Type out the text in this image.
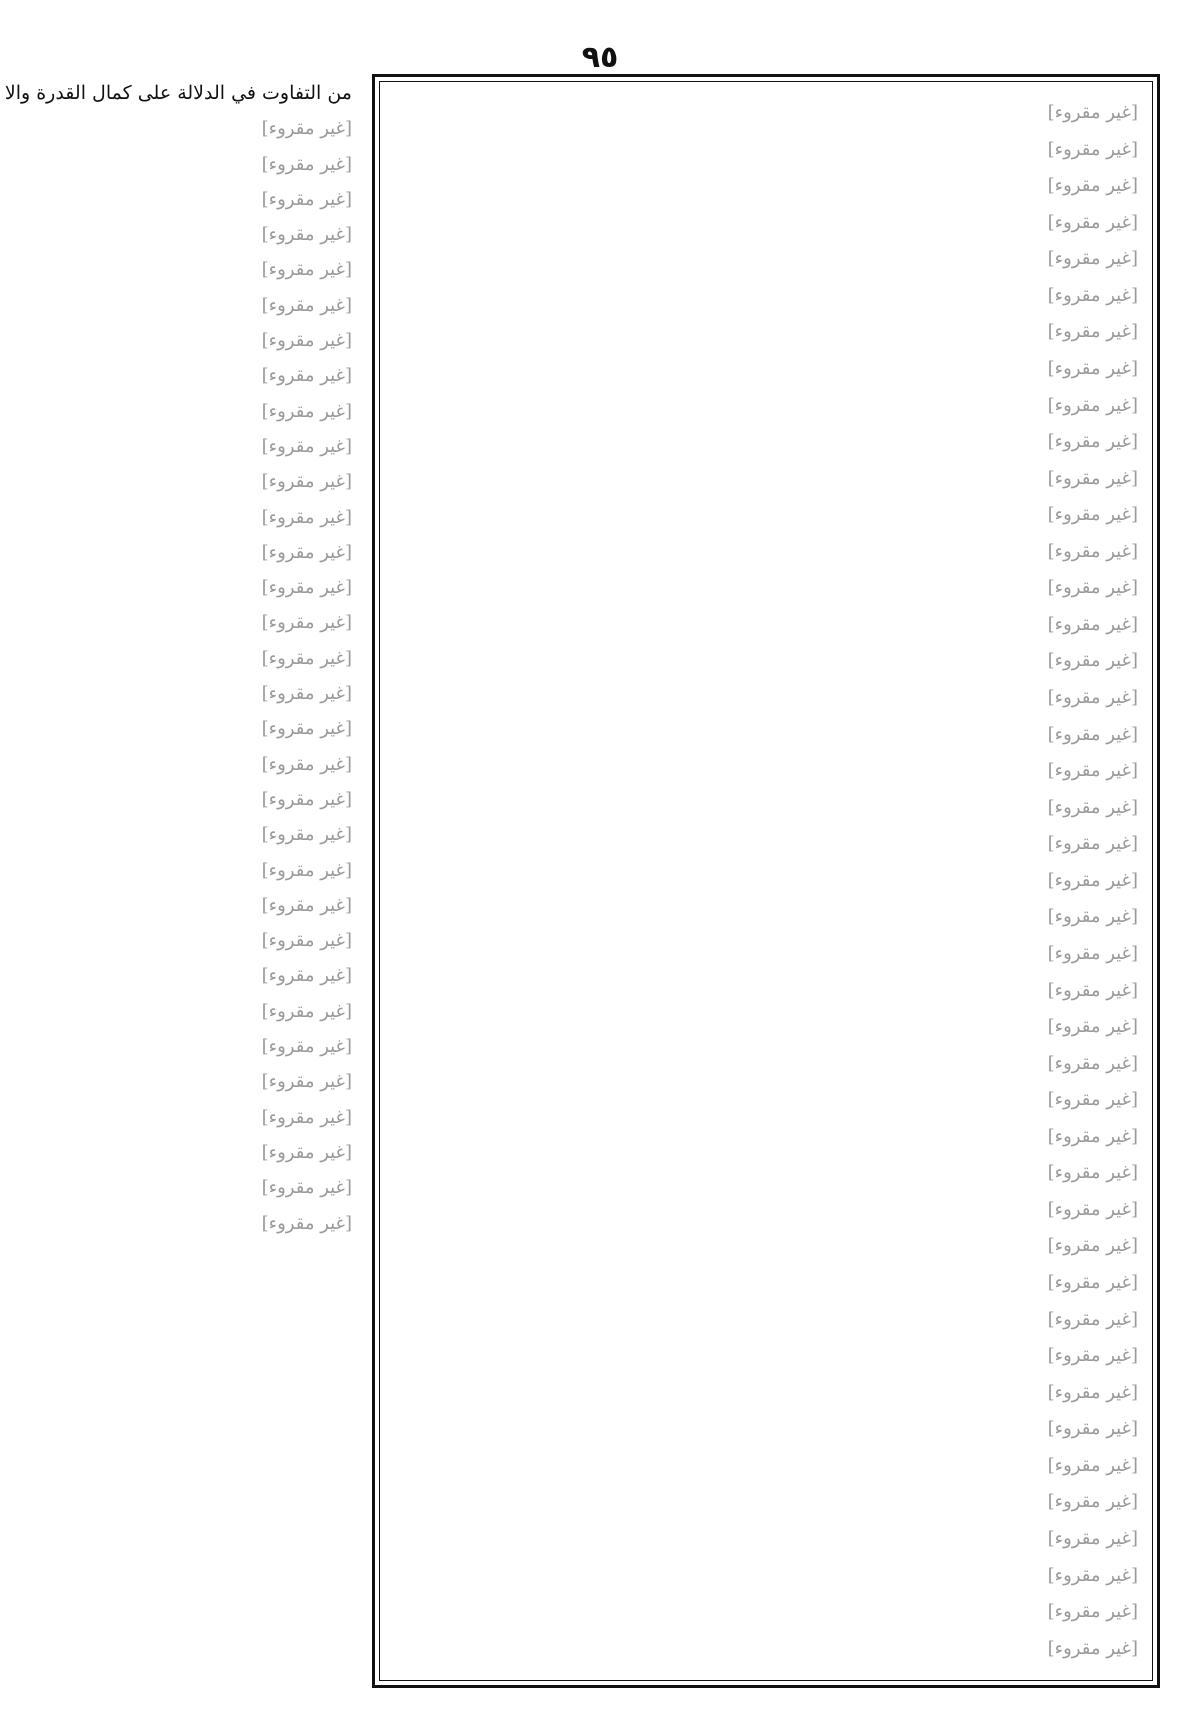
٩٥
[غير مقروء]
[غير مقروء]
[غير مقروء]
[غير مقروء]
[غير مقروء]
[غير مقروء]
[غير مقروء]
[غير مقروء]
[غير مقروء]
[غير مقروء]
[غير مقروء]
[غير مقروء]
[غير مقروء]
[غير مقروء]
[غير مقروء]
[غير مقروء]
[غير مقروء]
[غير مقروء]
[غير مقروء]
[غير مقروء]
[غير مقروء]
[غير مقروء]
[غير مقروء]
[غير مقروء]
[غير مقروء]
[غير مقروء]
[غير مقروء]
[غير مقروء]
[غير مقروء]
[غير مقروء]
[غير مقروء]
[غير مقروء]
[غير مقروء]
[غير مقروء]
[غير مقروء]
[غير مقروء]
[غير مقروء]
[غير مقروء]
[غير مقروء]
[غير مقروء]
[غير مقروء]
[غير مقروء]
[غير مقروء]
من التفاوت في الدلالة على كمال القدرة والا
[غير مقروء]
[غير مقروء]
[غير مقروء]
[غير مقروء]
[غير مقروء]
[غير مقروء]
[غير مقروء]
[غير مقروء]
[غير مقروء]
[غير مقروء]
[غير مقروء]
[غير مقروء]
[غير مقروء]
[غير مقروء]
[غير مقروء]
[غير مقروء]
[غير مقروء]
[غير مقروء]
[غير مقروء]
[غير مقروء]
[غير مقروء]
[غير مقروء]
[غير مقروء]
[غير مقروء]
[غير مقروء]
[غير مقروء]
[غير مقروء]
[غير مقروء]
[غير مقروء]
[غير مقروء]
[غير مقروء]
[غير مقروء]
